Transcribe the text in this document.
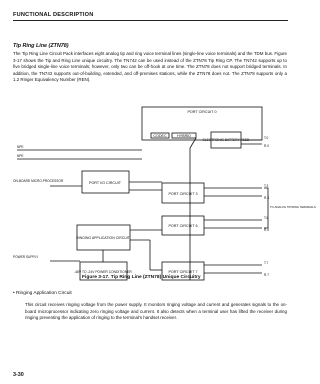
FUNCTIONAL DESCRIPTION
Tip Ring Line (ZTN78)
The Tip Ring Line Circuit Pack interfaces eight analog tip and ring voice terminal lines (single-line voice terminals) and the TDM bus. Figure 3-17 shows the Tip and Ring Line unique circuitry. The TN742 can be used instead of the ZTN78 Tip Ring CP. The TN742 supports up to five bridged single-line voice terminals; however, only two can be off-hook at one time. The ZTN78 does not support bridged terminals. In addition, the TN742 supports out-of-building, extended, and off-premises stations, while the ZTN78 does not. The ZTN78 supports only a 1.2 Ringer Equivalency Number (REN).
PORT CIRCUIT 0
CODEC	HYBRID
ELECTRONIC BATTERY FEED
PORT I/O CIRCUIT
RINGING APPLICATION CIRCUIT
PORT CIRCUIT 3
PORT CIRCUIT 6
PORT CIRCUIT 7
-48V TO -24V POWER CONDITIONER
NPE
NPE
ON-BOARD MICRO-PROCESSOR
POWER SUPPLY
TO ANALOG TIP/RING TERMINALS
T.0
R.0
T.3
R.3
T.6
R.6
T.7
R.7
Figure 3-17. Tip Ring Line (ZTN78) Unique Circuitry
• Ringing Application Circuit
This circuit receives ringing voltage from the power supply. It monitors ringing voltage and current and generates signals to the on-board microprocessor indicating zero ringing voltage and current. It also detects when a terminal user has lifted the receiver during ringing preventing the application of ringing to the terminal's handset receiver.
3-30
